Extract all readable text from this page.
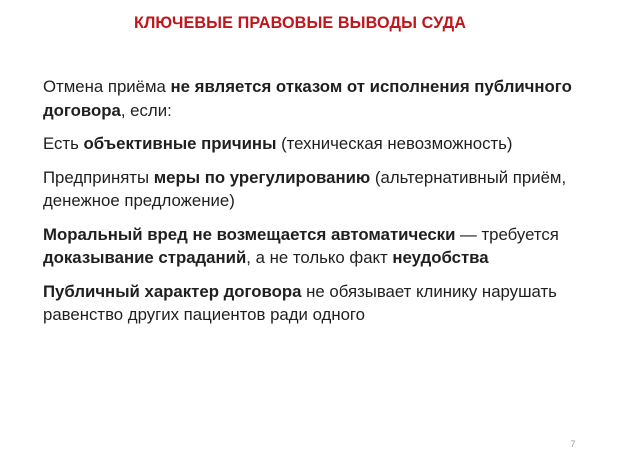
КЛЮЧЕВЫЕ ПРАВОВЫЕ ВЫВОДЫ СУДА

Отмена приёма не является отказом от исполнения публичного договора, если:

Есть объективные причины (техническая невозможность)

Предприняты меры по урегулированию (альтернативный приём, денежное предложение)

Моральный вред не возмещается автоматически — требуется доказывание страданий, а не только факт неудобства

Публичный характер договора не обязывает клинику нарушать равенство других пациентов ради одного

7
